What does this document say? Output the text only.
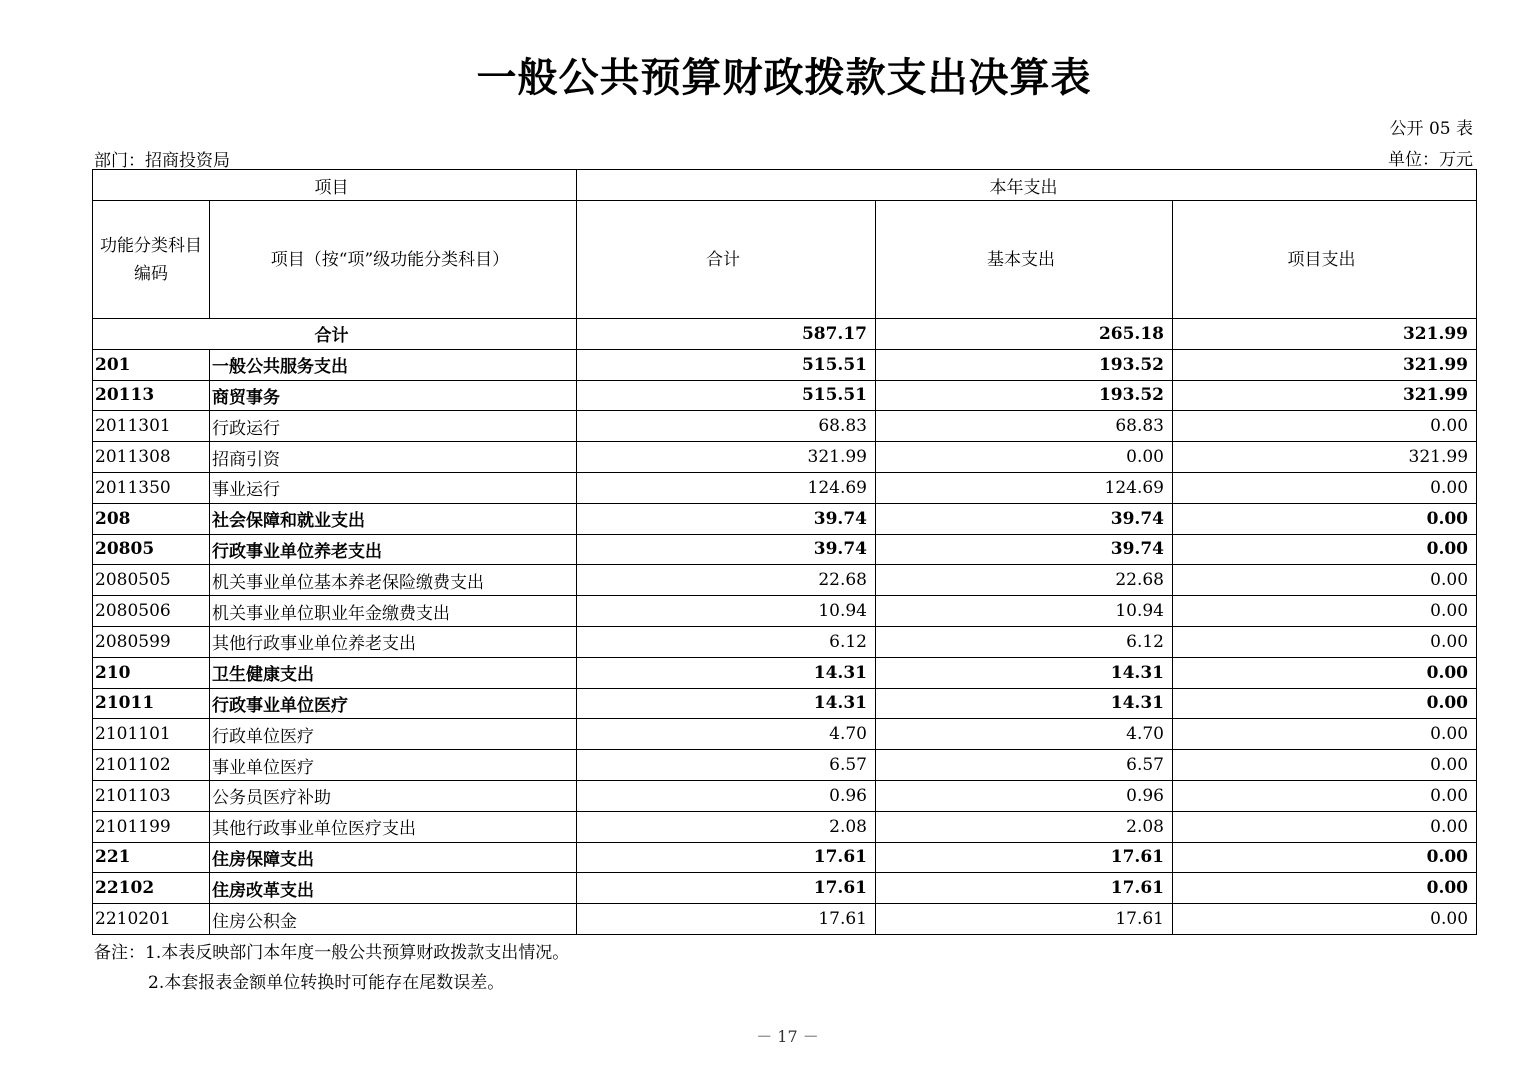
一般公共预算财政拨款支出决算表
公开 05 表
部门：招商投资局	单位：万元
项目		本年支出		
功能分类科目编码	项目（按“项”级功能分类科目）	合计	基本支出	项目支出
合计		587.17	265.18	321.99
201	一般公共服务支出	515.51	193.52	321.99
20113	商贸事务	515.51	193.52	321.99
2011301	行政运行	68.83	68.83	0.00
2011308	招商引资	321.99	0.00	321.99
2011350	事业运行	124.69	124.69	0.00
208	社会保障和就业支出	39.74	39.74	0.00
20805	行政事业单位养老支出	39.74	39.74	0.00
2080505	机关事业单位基本养老保险缴费支出	22.68	22.68	0.00
2080506	机关事业单位职业年金缴费支出	10.94	10.94	0.00
2080599	其他行政事业单位养老支出	6.12	6.12	0.00
210	卫生健康支出	14.31	14.31	0.00
21011	行政事业单位医疗	14.31	14.31	0.00
2101101	行政单位医疗	4.70	4.70	0.00
2101102	事业单位医疗	6.57	6.57	0.00
2101103	公务员医疗补助	0.96	0.96	0.00
2101199	其他行政事业单位医疗支出	2.08	2.08	0.00
221	住房保障支出	17.61	17.61	0.00
22102	住房改革支出	17.61	17.61	0.00
2210201	住房公积金	17.61	17.61	0.00
备注：1.本表反映部门本年度一般公共预算财政拨款支出情况。
2.本套报表金额单位转换时可能存在尾数误差。
－ 17 －
